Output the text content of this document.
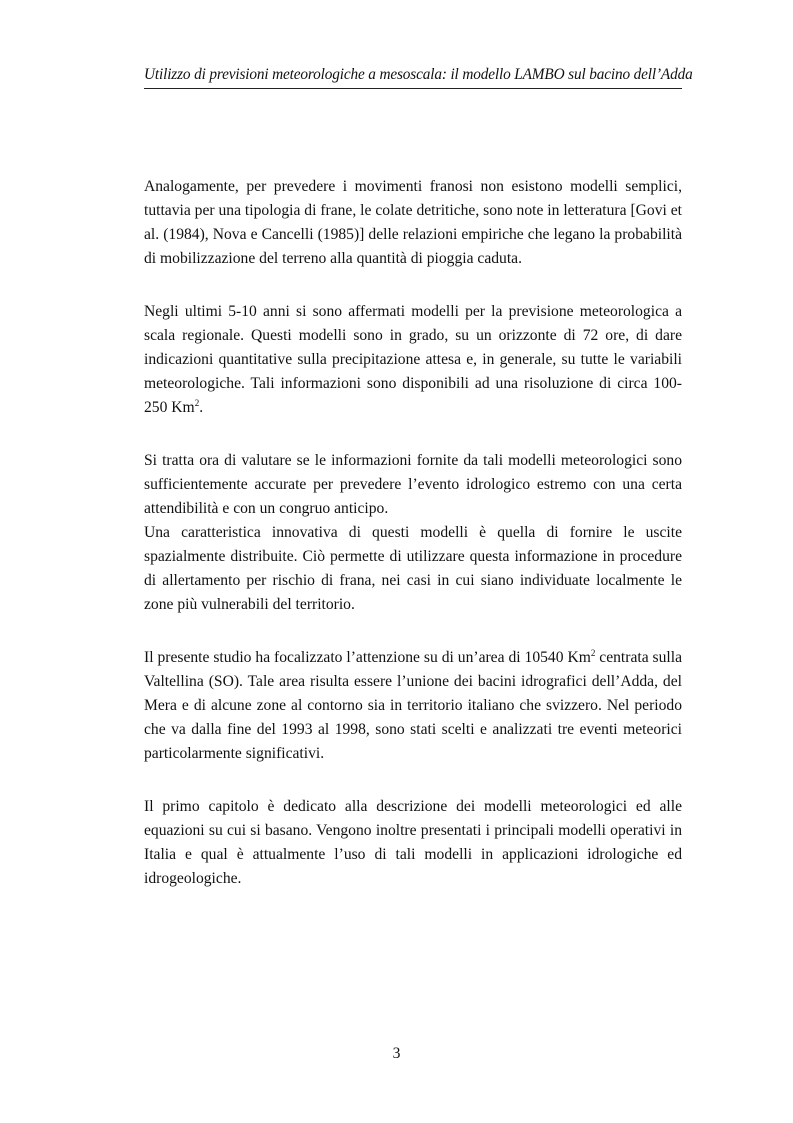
Utilizzo di previsioni meteorologiche a mesoscala: il modello LAMBO sul bacino dell’Adda

Analogamente, per prevedere i movimenti franosi non esistono modelli semplici, tuttavia per una tipologia di frane, le colate detritiche, sono note in letteratura [Govi et al. (1984), Nova e Cancelli (1985)] delle relazioni empiriche che legano la probabilità di mobilizzazione del terreno alla quantità di pioggia caduta.

Negli ultimi 5-10 anni si sono affermati modelli per la previsione meteorologica a scala regionale. Questi modelli sono in grado, su un orizzonte di 72 ore, di dare indicazioni quantitative sulla precipitazione attesa e, in generale, su tutte le variabili meteorologiche. Tali informazioni sono disponibili ad una risoluzione di circa 100-250 Km$^2$.

Si tratta ora di valutare se le informazioni fornite da tali modelli meteorologici sono sufficientemente accurate per prevedere l’evento idrologico estremo con una certa attendibilità e con un congruo anticipo.

Una caratteristica innovativa di questi modelli è quella di fornire le uscite spazialmente distribuite. Ciò permette di utilizzare questa informazione in procedure di allertamento per rischio di frana, nei casi in cui siano individuate localmente le zone più vulnerabili del territorio.

Il presente studio ha focalizzato l’attenzione su di un’area di 10540 Km$^2$ centrata sulla Valtellina (SO). Tale area risulta essere l’unione dei bacini idrografici dell’Adda, del Mera e di alcune zone al contorno sia in territorio italiano che svizzero. Nel periodo che va dalla fine del 1993 al 1998, sono stati scelti e analizzati tre eventi meteorici particolarmente significativi.

Il primo capitolo è dedicato alla descrizione dei modelli meteorologici ed alle equazioni su cui si basano. Vengono inoltre presentati i principali modelli operativi in Italia e qual è attualmente l’uso di tali modelli in applicazioni idrologiche ed idrogeologiche.

3
